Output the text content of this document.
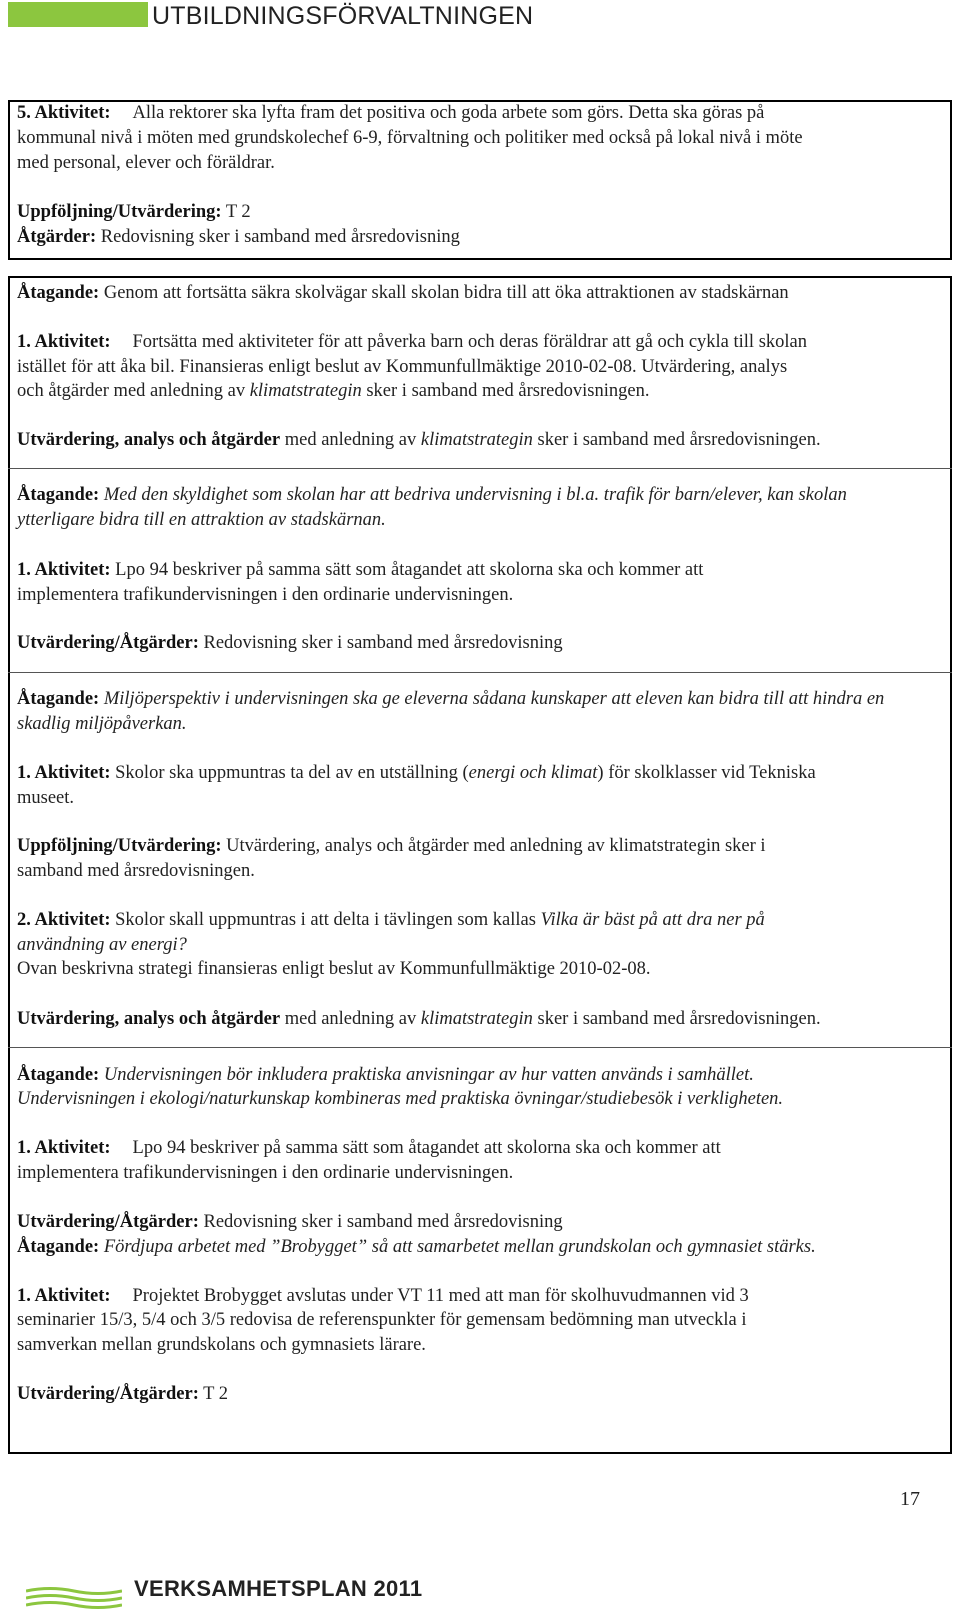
UTBILDNINGSFÖRVALTNINGEN
5. Aktivitet: Alla rektorer ska lyfta fram det positiva och goda arbete som görs. Detta ska göras på
kommunal nivå i möten med grundskolechef 6-9, förvaltning och politiker med också på lokal nivå i möte
med personal, elever och föräldrar.
Uppföljning/Utvärdering: T 2
Åtgärder: Redovisning sker i samband med årsredovisning
Åtagande: Genom att fortsätta säkra skolvägar skall skolan bidra till att öka attraktionen av stadskärnan
1. Aktivitet: Fortsätta med aktiviteter för att påverka barn och deras föräldrar att gå och cykla till skolan
istället för att åka bil. Finansieras enligt beslut av Kommunfullmäktige 2010-02-08. Utvärdering, analys
och åtgärder med anledning av klimatstrategin sker i samband med årsredovisningen.
Utvärdering, analys och åtgärder med anledning av klimatstrategin sker i samband med årsredovisningen.
Åtagande: Med den skyldighet som skolan har att bedriva undervisning i bl.a. trafik för barn/elever, kan skolan
ytterligare bidra till en attraktion av stadskärnan.
1. Aktivitet: Lpo 94 beskriver på samma sätt som åtagandet att skolorna ska och kommer att
implementera trafikundervisningen i den ordinarie undervisningen.
Utvärdering/Åtgärder: Redovisning sker i samband med årsredovisning
Åtagande: Miljöperspektiv i undervisningen ska ge eleverna sådana kunskaper att eleven kan bidra till att hindra en
skadlig miljöpåverkan.
1. Aktivitet: Skolor ska uppmuntras ta del av en utställning (energi och klimat) för skolklasser vid Tekniska
museet.
Uppföljning/Utvärdering: Utvärdering, analys och åtgärder med anledning av klimatstrategin sker i
samband med årsredovisningen.
2. Aktivitet: Skolor skall uppmuntras i att delta i tävlingen som kallas Vilka är bäst på att dra ner på
användning av energi?
Ovan beskrivna strategi finansieras enligt beslut av Kommunfullmäktige 2010-02-08.
Utvärdering, analys och åtgärder med anledning av klimatstrategin sker i samband med årsredovisningen.
Åtagande: Undervisningen bör inkludera praktiska anvisningar av hur vatten används i samhället.
Undervisningen i ekologi/naturkunskap kombineras med praktiska övningar/studiebesök i verkligheten.
1. Aktivitet: Lpo 94 beskriver på samma sätt som åtagandet att skolorna ska och kommer att
implementera trafikundervisningen i den ordinarie undervisningen.
Utvärdering/Åtgärder: Redovisning sker i samband med årsredovisning
Åtagande: Fördjupa arbetet med ”Brobygget” så att samarbetet mellan grundskolan och gymnasiet stärks.
1. Aktivitet: Projektet Brobygget avslutas under VT 11 med att man för skolhuvudmannen vid 3
seminarier 15/3, 5/4 och 3/5 redovisa de referenspunkter för gemensam bedömning man utveckla i
samverkan mellan grundskolans och gymnasiets lärare.
Utvärdering/Åtgärder: T 2
17
VERKSAMHETSPLAN 2011
